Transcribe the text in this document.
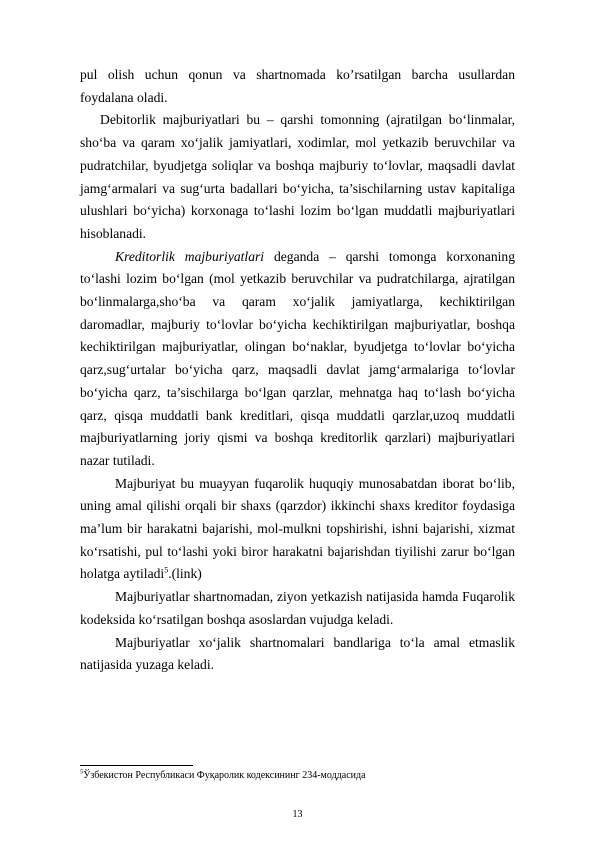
pul olish uchun qonun va shartnomada ko’rsatilgan barcha usullardan foydalana oladi.

Debitorlik majburiyatlari bu – qarshi tomonning (ajratilgan bo‘linmalar, sho‘ba va qaram xo‘jalik jamiyatlari, xodimlar, mol yetkazib beruvchilar va pudratchilar, byudjetga soliqlar va boshqa majburiy to‘lovlar, maqsadli davlat jamg‘armalari va sug‘urta badallari bo‘yicha, ta’sischilarning ustav kapitaliga ulushlari bo‘yicha) korxonaga to‘lashi lozim bo‘lgan muddatli majburiyatlari hisoblanadi.

Kreditorlik majburiyatlari deganda – qarshi tomonga korxonaning to‘lashi lozim bo‘lgan (mol yetkazib beruvchilar va pudratchilarga, ajratilgan bo‘linmalarga,sho‘ba va qaram xo‘jalik jamiyatlarga, kechiktirilgan daromadlar, majburiy to‘lovlar bo‘yicha kechiktirilgan majburiyatlar, boshqa kechiktirilgan majburiyatlar, olingan bo‘naklar, byudjetga to‘lovlar bo‘yicha qarz,sug‘urtalar bo‘yicha qarz, maqsadli davlat jamg‘armalariga to‘lovlar bo‘yicha qarz, ta’sischilarga bo‘lgan qarzlar, mehnatga haq to‘lash bo‘yicha qarz, qisqa muddatli bank kreditlari, qisqa muddatli qarzlar,uzoq muddatli majburiyatlarning joriy qismi va boshqa kreditorlik qarzlari) majburiyatlari nazar tutiladi.

Majburiyat bu muayyan fuqarolik huquqiy munosabatdan iborat bo‘lib, uning amal qilishi orqali bir shaxs (qarzdor) ikkinchi shaxs kreditor foydasiga ma’lum bir harakatni bajarishi, mol-mulkni topshirishi, ishni bajarishi, xizmat ko‘rsatishi, pul to‘lashi yoki biror harakatni bajarishdan tiyilishi zarur bo‘lgan holatga aytiladi$^5$.(link)

Majburiyatlar shartnomadan, ziyon yetkazish natijasida hamda Fuqarolik kodeksida ko‘rsatilgan boshqa asoslardan vujudga keladi.

Majburiyatlar xo‘jalik shartnomalari bandlariga to‘la amal etmaslik natijasida yuzaga keladi.

$^5$Ўзбекистон Республикаси Фуқаролик кодексининг 234-моддасида
13
